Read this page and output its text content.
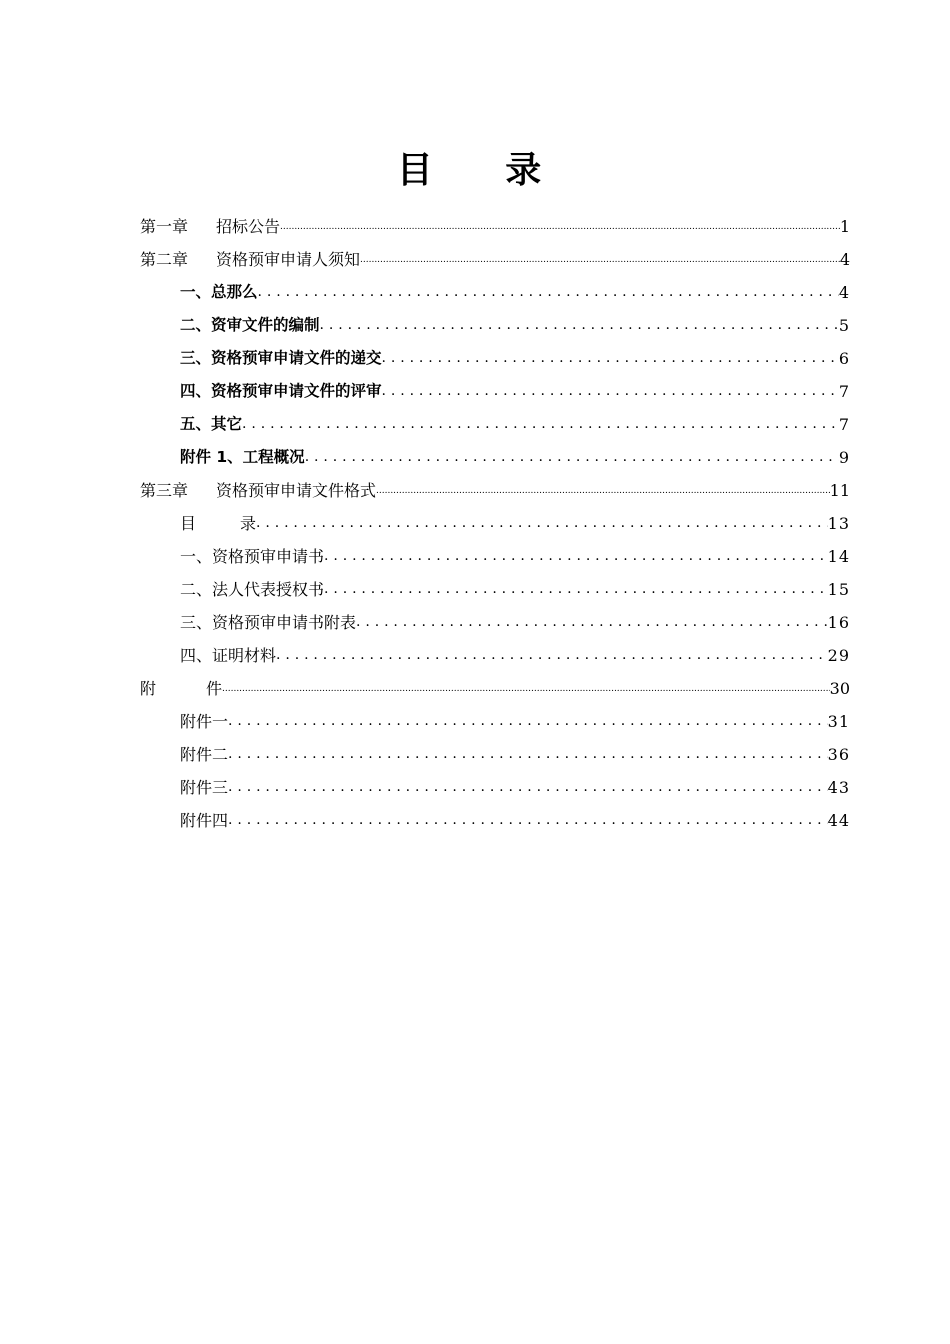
目 录
第一章 招标公告 .....	1
第二章 资格预审申请人须知 .....	4
一、总那么 .....	4
二、资审文件的编制 .....	5
三、资格预审申请文件的递交 .....	6
四、资格预审申请文件的评审 .....	7
五、其它 .....	7
附件 1、工程概况 .....	9
第三章 资格预审申请文件格式 .....	11
目	录 .....	13
一、资格预审申请书 .....	14
二、法人代表授权书 .....	15
三、资格预审申请书附表 .....	16
四、证明材料 .....	29
附	件 .....	30
附件一 .....	31
附件二 .....	36
附件三 .....	43
附件四 .....	44
